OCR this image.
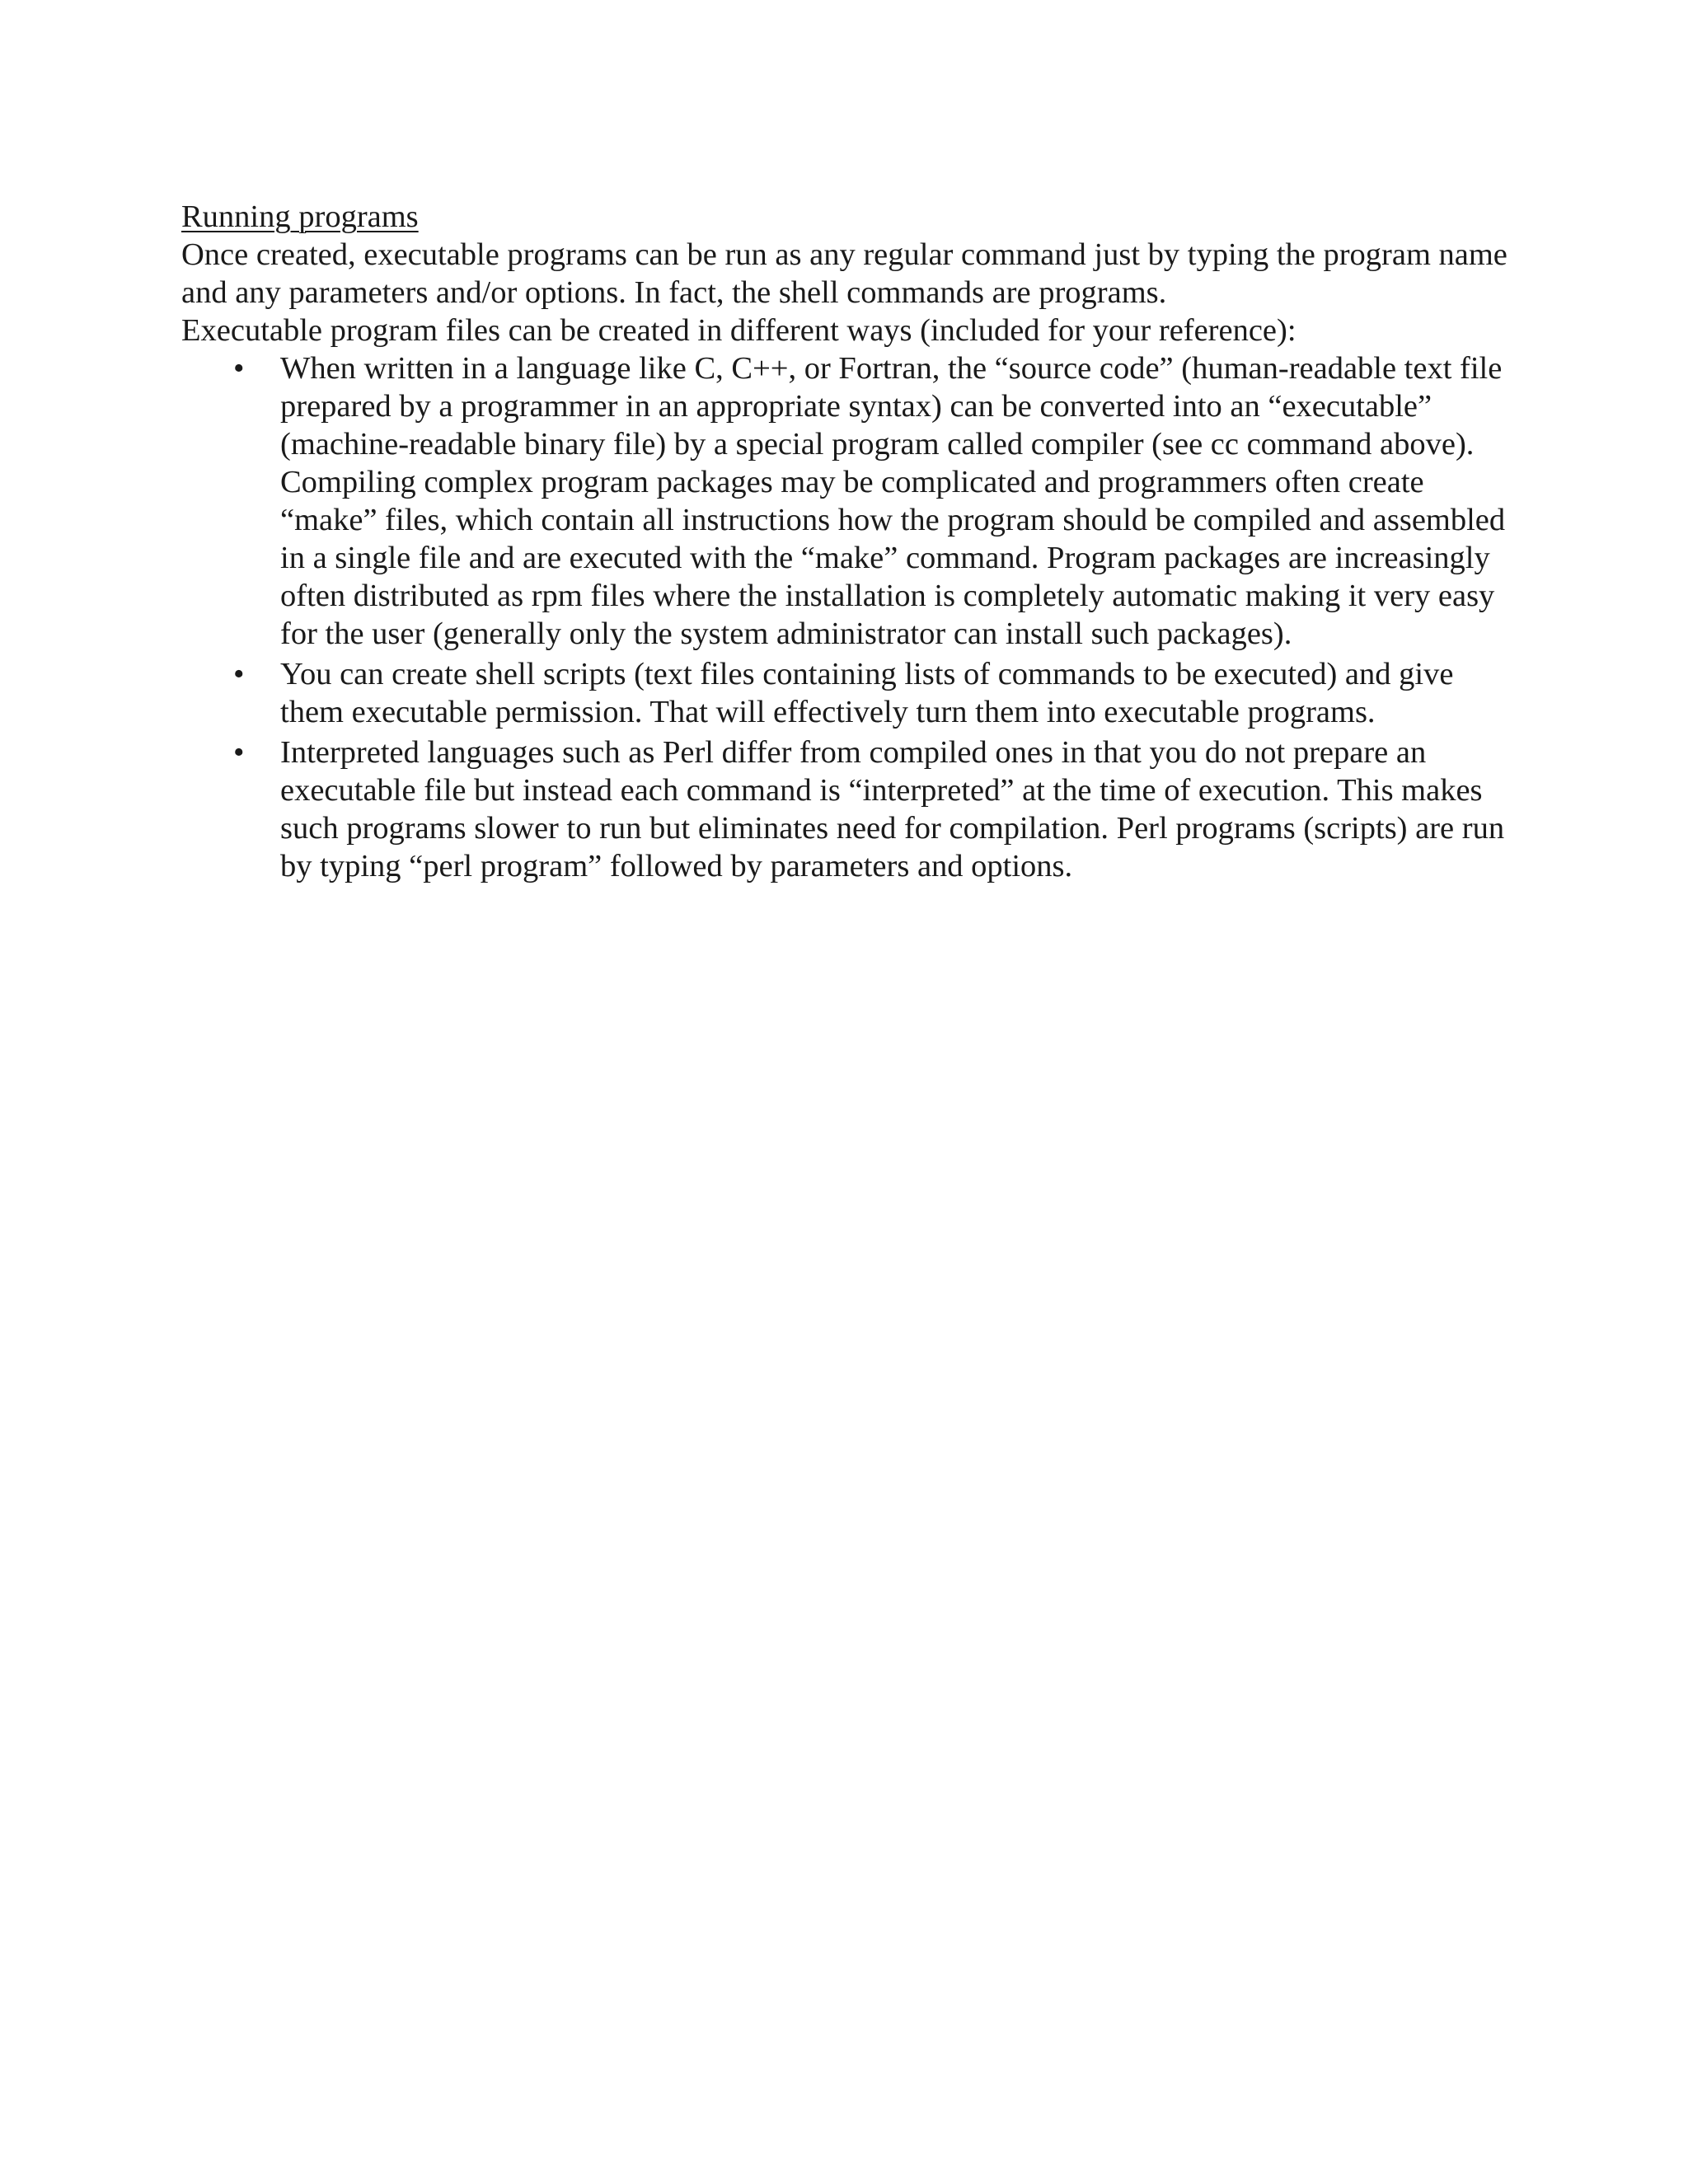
Running programs

Once created, executable programs can be run as any regular command just by typing the program name and any parameters and/or options. In fact, the shell commands are programs.

Executable program files can be created in different ways (included for your reference):

•	When written in a language like C, C++, or Fortran, the “source code” (human-readable text file prepared by a programmer in an appropriate syntax) can be converted into an “executable” (machine-readable binary file) by a special program called compiler (see cc command above). Compiling complex program packages may be complicated and programmers often create “make” files, which contain all instructions how the program should be compiled and assembled in a single file and are executed with the “make” command. Program packages are increasingly often distributed as rpm files where the installation is completely automatic making it very easy for the user (generally only the system administrator can install such packages).
•	You can create shell scripts (text files containing lists of commands to be executed) and give them executable permission. That will effectively turn them into executable programs.
•	Interpreted languages such as Perl differ from compiled ones in that you do not prepare an executable file but instead each command is “interpreted” at the time of execution. This makes such programs slower to run but eliminates need for compilation. Perl programs (scripts) are run by typing “perl program” followed by parameters and options.
